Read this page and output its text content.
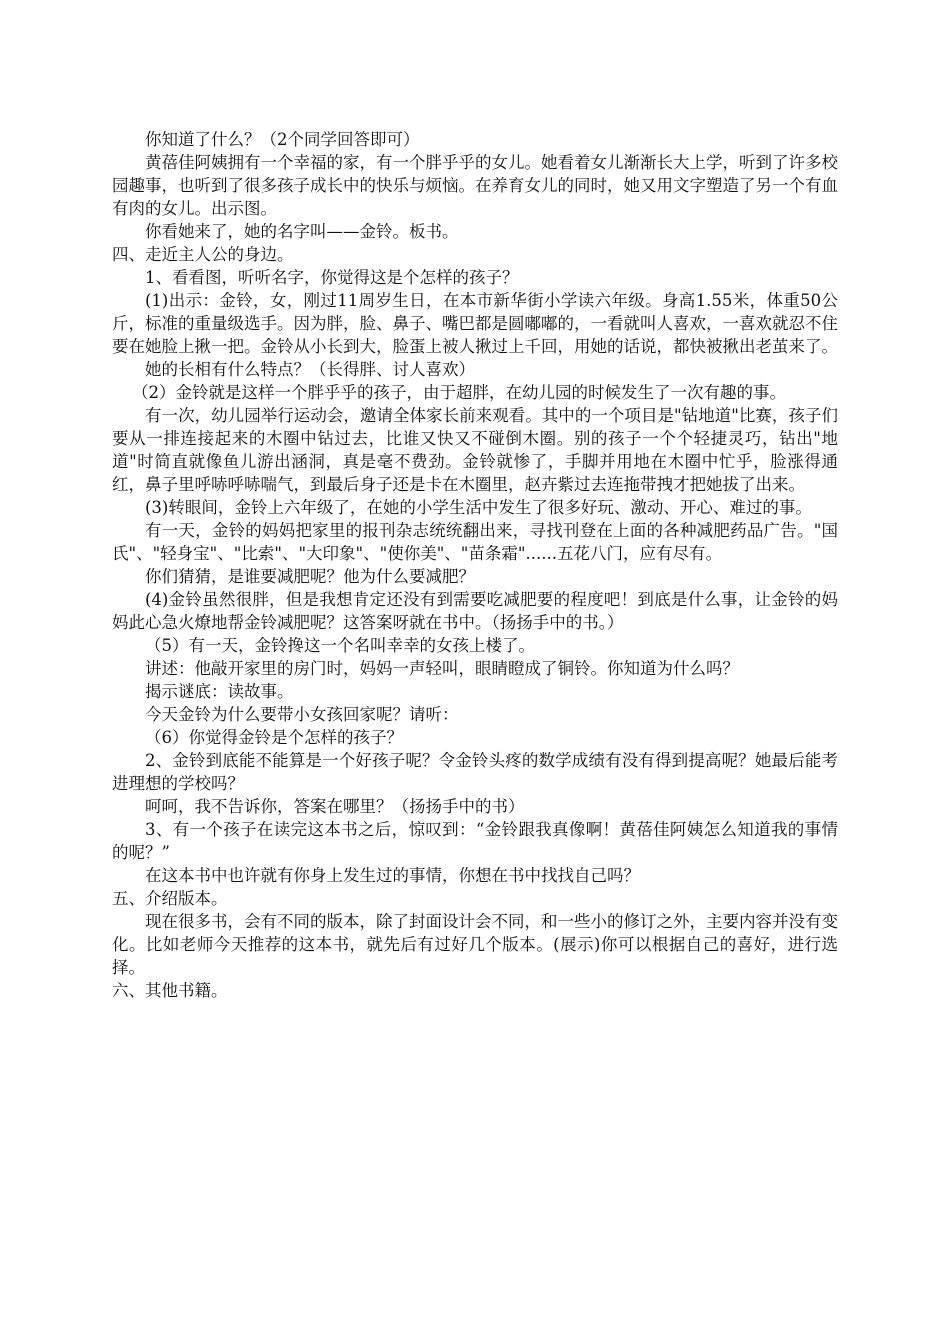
你知道了什么？（2个同学回答即可）

黄蓓佳阿姨拥有一个幸福的家，有一个胖乎乎的女儿。她看着女儿渐渐长大上学，听到了许多校园趣事，也听到了很多孩子成长中的快乐与烦恼。在养育女儿的同时，她又用文字塑造了另一个有血有肉的女儿。出示图。

你看她来了，她的名字叫——金铃。板书。

四、走近主人公的身边。

1、看看图，听听名字，你觉得这是个怎样的孩子？

(1)出示：金铃，女，刚过11周岁生日，在本市新华街小学读六年级。身高1.55米，体重50公斤，标准的重量级选手。因为胖，脸、鼻子、嘴巴都是圆嘟嘟的，一看就叫人喜欢，一喜欢就忍不住要在她脸上揪一把。金铃从小长到大，脸蛋上被人揪过上千回，用她的话说，都快被揪出老茧来了。

她的长相有什么特点？（长得胖、讨人喜欢）

（2）金铃就是这样一个胖乎乎的孩子，由于超胖，在幼儿园的时候发生了一次有趣的事。

有一次，幼儿园举行运动会，邀请全体家长前来观看。其中的一个项目是"钻地道"比赛，孩子们要从一排连接起来的木圈中钻过去，比谁又快又不碰倒木圈。别的孩子一个个轻捷灵巧，钻出"地道"时简直就像鱼儿游出涵洞，真是毫不费劲。金铃就惨了，手脚并用地在木圈中忙乎，脸涨得通红，鼻子里呼哧呼哧喘气，到最后身子还是卡在木圈里，赵卉紫过去连拖带拽才把她拔了出来。

(3)转眼间，金铃上六年级了，在她的小学生活中发生了很多好玩、激动、开心、难过的事。

有一天，金铃的妈妈把家里的报刊杂志统统翻出来，寻找刊登在上面的各种减肥药品广告。"国氏"、"轻身宝"、"比索"、"大印象"、"使你美"、"苗条霜"......五花八门，应有尽有。

你们猜猜，是谁要减肥呢？他为什么要减肥？

(4)金铃虽然很胖，但是我想肯定还没有到需要吃减肥要的程度吧！到底是什么事，让金铃的妈妈此心急火燎地帮金铃减肥呢？这答案呀就在书中。（扬扬手中的书。）

（5）有一天，金铃搀这一个名叫幸幸的女孩上楼了。

讲述：他敲开家里的房门时，妈妈一声轻叫，眼睛瞪成了铜铃。你知道为什么吗？

揭示谜底：读故事。

今天金铃为什么要带小女孩回家呢？请听：

（6）你觉得金铃是个怎样的孩子？

2、金铃到底能不能算是一个好孩子呢？令金铃头疼的数学成绩有没有得到提高呢？她最后能考进理想的学校吗？

呵呵，我不告诉你，答案在哪里？（扬扬手中的书）

3、有一个孩子在读完这本书之后，惊叹到：“金铃跟我真像啊！黄蓓佳阿姨怎么知道我的事情的呢？”

在这本书中也许就有你身上发生过的事情，你想在书中找找自己吗？

五、介绍版本。

现在很多书，会有不同的版本，除了封面设计会不同，和一些小的修订之外，主要内容并没有变化。比如老师今天推荐的这本书，就先后有过好几个版本。(展示)你可以根据自己的喜好，进行选择。

六、其他书籍。
